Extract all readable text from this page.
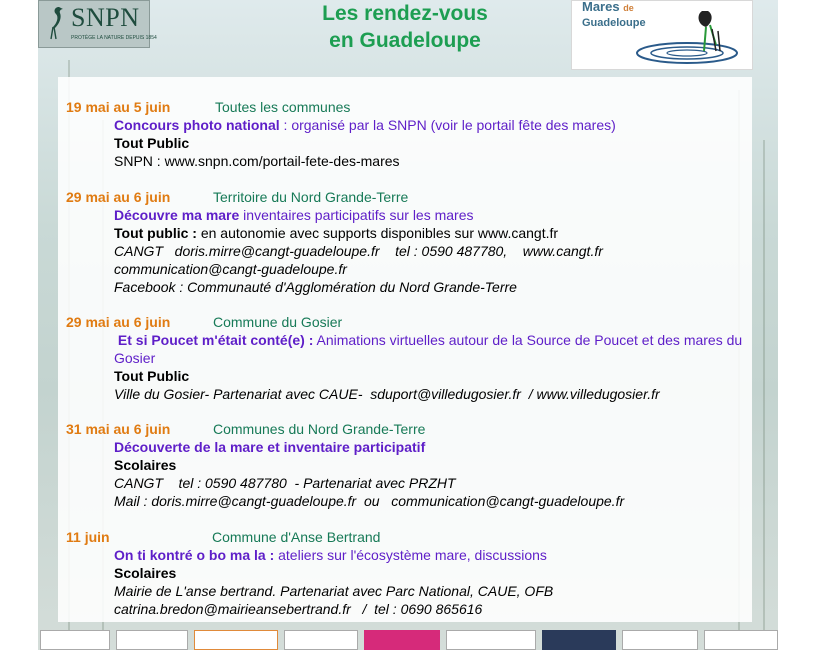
SNPN
PROTÈGE LA NATURE DEPUIS 1854
Les rendez-vous
en Guadeloupe
Mares de
Guadeloupe
19 mai au 5 juin	Toutes les communes
Concours photo national : organisé par la SNPN (voir le portail fête des mares)
Tout Public
SNPN : www.snpn.com/portail-fete-des-mares
29 mai au 6 juin	Territoire du Nord Grande-Terre
Découvre ma mare inventaires participatifs sur les mares
Tout public : en autonomie avec supports disponibles sur www.cangt.fr
CANGT   doris.mirre@cangt-guadeloupe.fr    tel : 0590 487780,    www.cangt.fr
communication@cangt-guadeloupe.fr
Facebook : Communauté d'Agglomération du Nord Grande-Terre
29 mai au 6 juin	Commune du Gosier
Et si Poucet m'était conté(e) : Animations virtuelles autour de la Source de Poucet et des mares du Gosier
Tout Public
Ville du Gosier- Partenariat avec CAUE-  sduport@villedugosier.fr  / www.villedugosier.fr
31 mai au 6 juin	Communes du Nord Grande-Terre
Découverte de la mare et inventaire participatif
Scolaires
CANGT    tel : 0590 487780  - Partenariat avec PRZHT
Mail : doris.mirre@cangt-guadeloupe.fr  ou   communication@cangt-guadeloupe.fr
11 juin	Commune d'Anse Bertrand
On ti kontré o bo ma la : ateliers sur l'écosystème mare, discussions
Scolaires
Mairie de L'anse bertrand. Partenariat avec Parc National, CAUE, OFB
catrina.bredon@mairieansebertrand.fr   /  tel : 0690 865616
